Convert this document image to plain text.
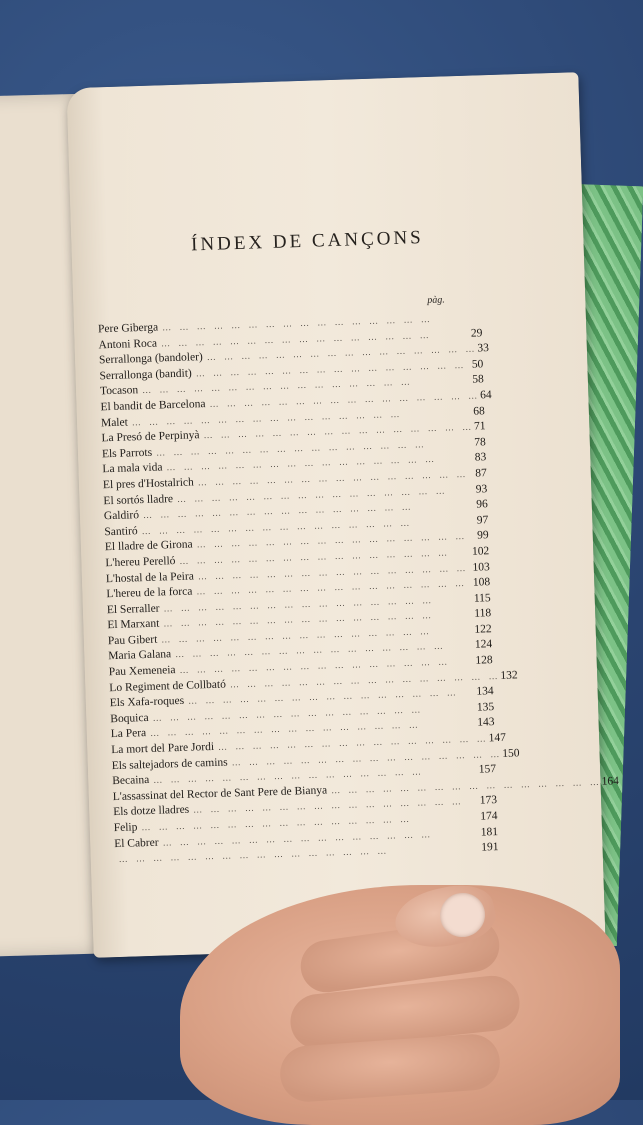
ÍNDEX DE CANÇONS
pàg.
Pere Giberga … … … … … … … … … … … … … … … …
Antoni Roca … … … … … … … … … … … … … … … …	29
Serrallonga (bandoler) … … … … … … … … … … … … … … … … 33
Serrallonga (bandit) … … … … … … … … … … … … … … … … 50
Tocason … … … … … … … … … … … … … … … …	58
El bandit de Barcelona … … … … … … … … … … … … … … … … 64
Malet … … … … … … … … … … … … … … … …	68
La Presó de Perpinyà … … … … … … … … … … … … … … … … 71
Els Parrots … … … … … … … … … … … … … … … …	78
La mala vida … … … … … … … … … … … … … … … …	83
El pres d'Hostalrich … … … … … … … … … … … … … … … … 87
El sortós lladre … … … … … … … … … … … … … … … …	93
Galdiró … … … … … … … … … … … … … … … …	96
Santiró … … … … … … … … … … … … … … … …	97
El lladre de Girona … … … … … … … … … … … … … … … … 99
L'hereu Perelló … … … … … … … … … … … … … … … …	102
L'hostal de la Peira … … … … … … … … … … … … … … … … 103
L'hereu de la forca … … … … … … … … … … … … … … … … 108
El Serraller … … … … … … … … … … … … … … … …	115
El Marxant … … … … … … … … … … … … … … … …	118
Pau Gibert … … … … … … … … … … … … … … … …	122
Maria Galana … … … … … … … … … … … … … … … …	124
Pau Xemeneia … … … … … … … … … … … … … … … …	128
Lo Regiment de Collbató … … … … … … … … … … … … … … … … 132
Els Xafa-roques … … … … … … … … … … … … … … … …	134
Boquica … … … … … … … … … … … … … … … …	135
La Pera … … … … … … … … … … … … … … … …	143
La mort del Pare Jordi … … … … … … … … … … … … … … … … 147
Els saltejadors de camins … … … … … … … … … … … … … … … … 150
Becaina … … … … … … … … … … … … … … … …	157
L'assassinat del Rector de Sant Pere de Bianya … … … … … … … … … … … … … … … … 164
Els dotze lladres … … … … … … … … … … … … … … … …	173
Felip … … … … … … … … … … … … … … … …	174
El Cabrer … … … … … … … … … … … … … … … …	181
… … … … … … … … … … … … … … … …	191
